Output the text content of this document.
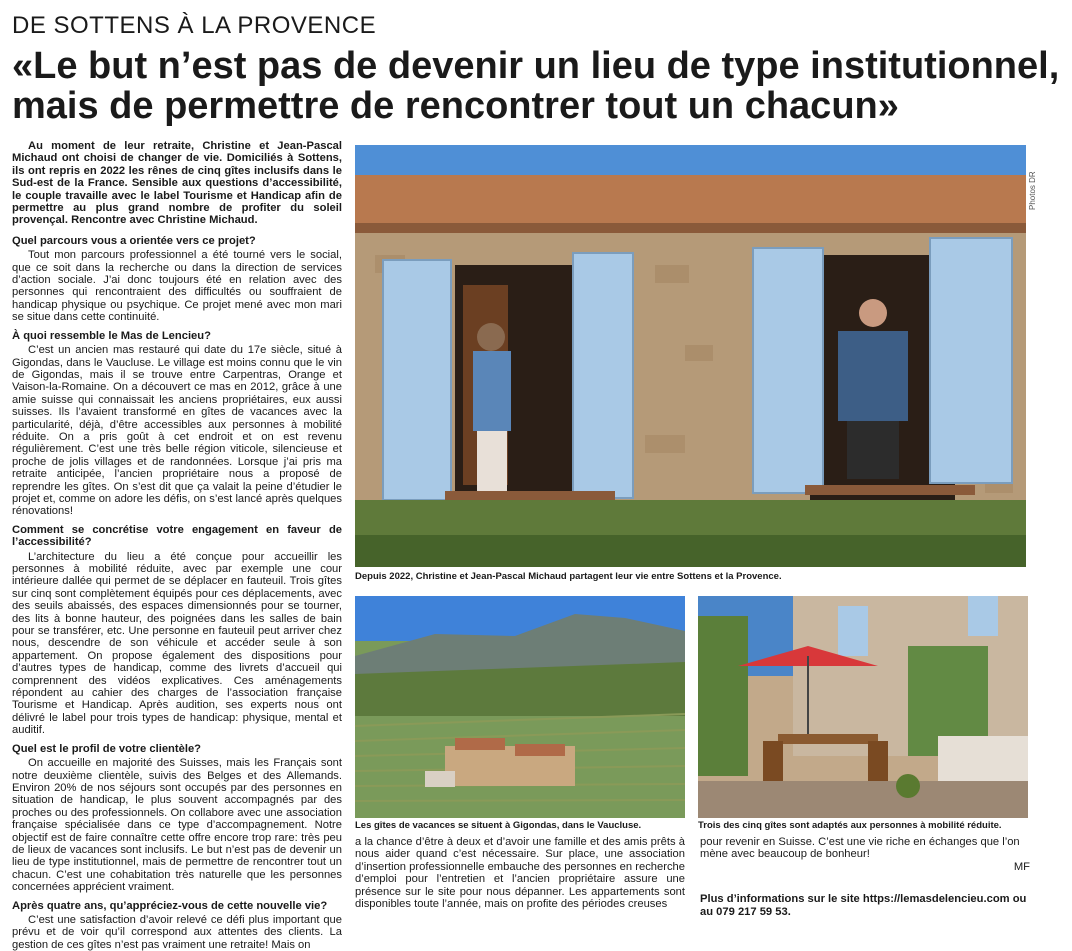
DE SOTTENS À LA PROVENCE
«Le but n’est pas de devenir un lieu de type institutionnel, mais de permettre de rencontrer tout un chacun»

Au moment de leur retraite, Christine et Jean-Pascal Michaud ont choisi de changer de vie. Domiciliés à Sottens, ils ont repris en 2022 les rênes de cinq gîtes inclusifs dans le Sud-est de la France. Sensible aux questions d’accessibilité, le couple travaille avec le label Tourisme et Handicap afin de permettre au plus grand nombre de profiter du soleil provençal. Rencontre avec Christine Michaud.

Quel parcours vous a orientée vers ce projet?

Tout mon parcours professionnel a été tourné vers le social, que ce soit dans la recherche ou dans la direction de services d’action sociale. J’ai donc toujours été en relation avec des personnes qui rencontraient des difficultés ou souffraient de handicap physique ou psychique. Ce projet mené avec mon mari se situe dans cette continuité.

À quoi ressemble le Mas de Lencieu?

C’est un ancien mas restauré qui date du 17e siècle, situé à Gigondas, dans le Vaucluse. Le village est moins connu que le vin de Gigondas, mais il se trouve entre Carpentras, Orange et Vaison-la-Romaine. On a découvert ce mas en 2012, grâce à une amie suisse qui connaissait les anciens propriétaires, eux aussi suisses. Ils l’avaient transformé en gîtes de vacances avec la particularité, déjà, d’être accessibles aux personnes à mobilité réduite. On a pris goût à cet endroit et on est revenu régulièrement. C’est une très belle région viticole, silencieuse et proche de jolis villages et de randonnées. Lorsque j’ai pris ma retraite anticipée, l’ancien propriétaire nous a proposé de reprendre les gîtes. On s’est dit que ça valait la peine d’étudier le projet et, comme on adore les défis, on s’est lancé après quelques rénovations!

Comment se concrétise votre engagement en faveur de l’accessibilité?

L’architecture du lieu a été conçue pour accueillir les personnes à mobilité réduite, avec par exemple une cour intérieure dallée qui permet de se déplacer en fauteuil. Trois gîtes sur cinq sont complètement équipés pour ces déplacements, avec des seuils abaissés, des espaces dimensionnés pour se tourner, des lits à bonne hauteur, des poignées dans les salles de bain pour se transférer, etc. Une personne en fauteuil peut arriver chez nous, descendre de son véhicule et accéder seule à son appartement. On propose également des dispositions pour d’autres types de handicap, comme des livrets d’accueil qui comprennent des vidéos explicatives. Ces aménagements répondent au cahier des charges de l’association française Tourisme et Handicap. Après audition, ses experts nous ont délivré le label pour trois types de handicap: physique, mental et auditif.

Quel est le profil de votre clientèle?

On accueille en majorité des Suisses, mais les Français sont notre deuxième clientèle, suivis des Belges et des Allemands. Environ 20% de nos séjours sont occupés par des personnes en situation de handicap, le plus souvent accompagnés par des proches ou des professionnels. On collabore avec une association française spécialisée dans ce type d’accompagnement. Notre objectif est de faire connaître cette offre encore trop rare: très peu de lieux de vacances sont inclusifs. Le but n’est pas de devenir un lieu de type institutionnel, mais de permettre de rencontrer tout un chacun. C’est une cohabitation très naturelle que les personnes concernées apprécient vraiment.

Après quatre ans, qu’appréciez-vous de cette nouvelle vie?

C’est une satisfaction d’avoir relevé ce défi plus important que prévu et de voir qu’il correspond aux attentes des clients. La gestion de ces gîtes n’est pas vraiment une retraite! Mais on

Photos DR
Depuis 2022, Christine et Jean-Pascal Michaud partagent leur vie entre Sottens et la Provence.
Les gîtes de vacances se situent à Gigondas, dans le Vaucluse.	Trois des cinq gîtes sont adaptés aux personnes à mobilité réduite.
a la chance d’être à deux et d’avoir une famille et des amis prêts à nous aider quand c’est nécessaire. Sur place, une association d’insertion professionnelle embauche des personnes en recherche d’emploi pour l’entretien et l’ancien propriétaire assure une présence sur le site pour nous dépanner. Les appartements sont disponibles toute l’année, mais on profite des périodes creuses

pour revenir en Suisse. C’est une vie riche en échanges que l’on mène avec beaucoup de bonheur!

MF

Plus d’informations sur le site https://lemasdelencieu.com ou au 079 217 59 53.
